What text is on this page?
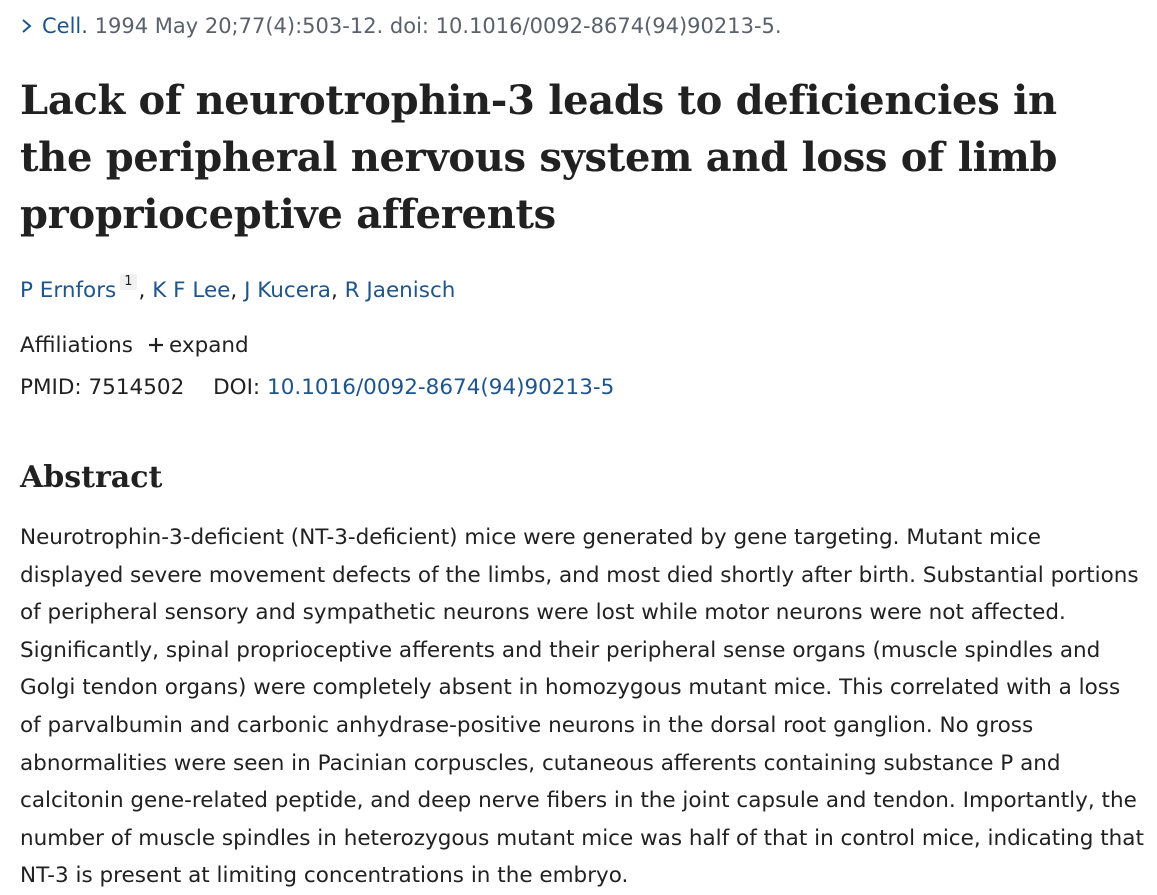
Cell. 1994 May 20;77(4):503-12. doi: 10.1016/0092-8674(94)90213-5.
Lack of neurotrophin-3 leads to deficiencies in the peripheral nervous system and loss of limb proprioceptive afferents
P Ernfors $^1$ , K F Lee, J Kucera, R Jaenisch
Affiliations expand
PMID: 7514502 DOI: 10.1016/0092-8674(94)90213-5
Abstract

Neurotrophin-3-deficient (NT-3-deficient) mice were generated by gene targeting. Mutant mice displayed severe movement defects of the limbs, and most died shortly after birth. Substantial portions of peripheral sensory and sympathetic neurons were lost while motor neurons were not affected. Significantly, spinal proprioceptive afferents and their peripheral sense organs (muscle spindles and Golgi tendon organs) were completely absent in homozygous mutant mice. This correlated with a loss of parvalbumin and carbonic anhydrase-positive neurons in the dorsal root ganglion. No gross abnormalities were seen in Pacinian corpuscles, cutaneous afferents containing substance P and calcitonin gene-related peptide, and deep nerve fibers in the joint capsule and tendon. Importantly, the number of muscle spindles in heterozygous mutant mice was half of that in control mice, indicating that NT-3 is present at limiting concentrations in the embryo.
